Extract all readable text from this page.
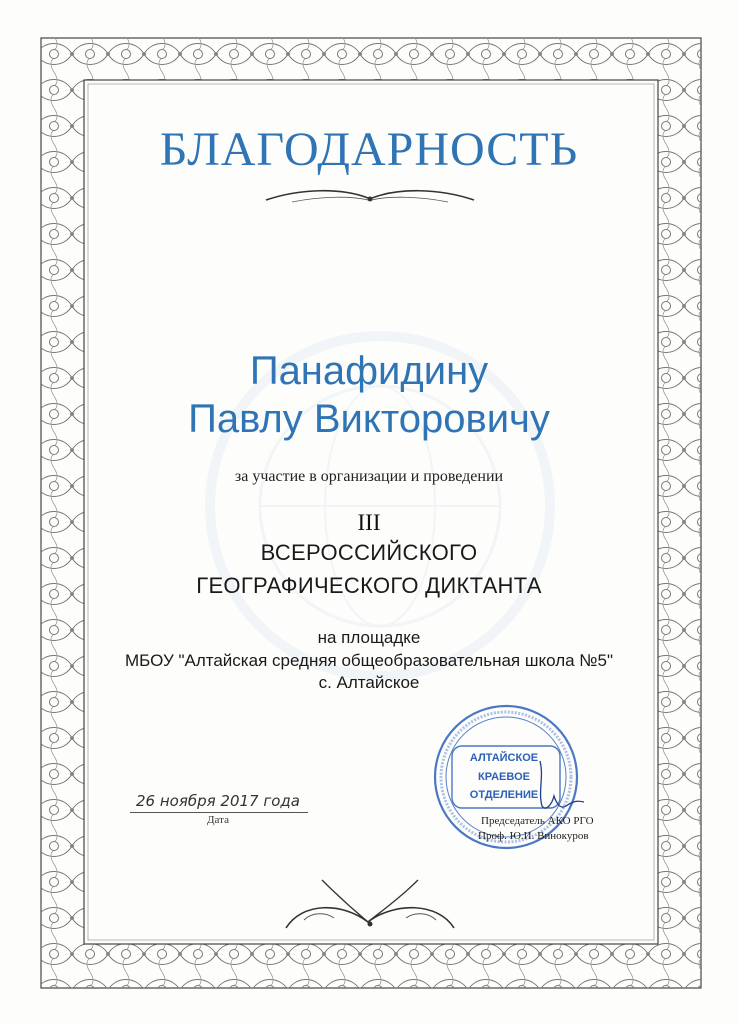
БЛАГОДАРНОСТЬ
Панафидину
Павлу Викторовичу
за участие в организации и проведении
III
ВСЕРОССИЙСКОГО
ГЕОГРАФИЧЕСКОГО ДИКТАНТА
на площадке
МБОУ "Алтайская средняя общеобразовательная школа №5"
с. Алтайское
26 ноября 2017 года
Дата
АЛТАЙСКОЕ
КРАЕВОЕ
ОТДЕЛЕНИЕ
Председатель АКО РГО
Проф. Ю.И. Винокуров
